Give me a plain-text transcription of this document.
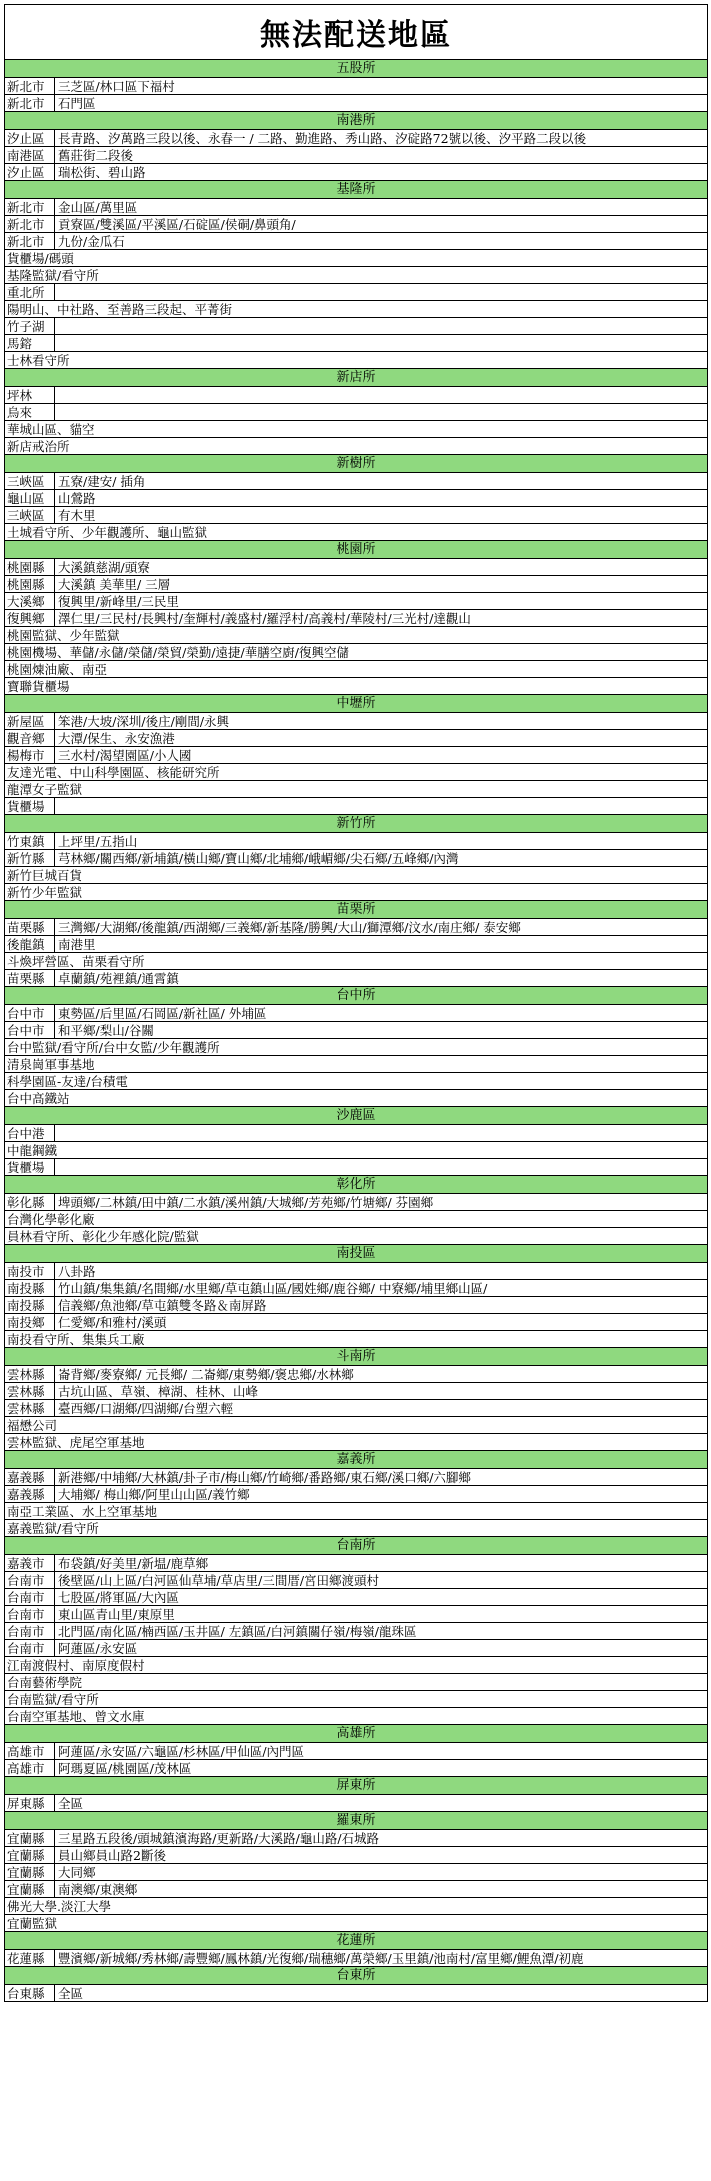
無法配送地區
五股所
新北市	三芝區/林口區下福村
新北市	石門區
南港所
汐止區	長青路、汐萬路三段以後、永春一 / 二路、勤進路、秀山路、汐碇路72號以後、汐平路二段以後
南港區	舊莊街二段後
汐止區	瑞松街、碧山路
基隆所
新北市	金山區/萬里區
新北市	貢寮區/雙溪區/平溪區/石碇區/侯硐/鼻頭角/
新北市	九份/金瓜石
貨櫃場/碼頭
基隆監獄/看守所
重北所
陽明山、中社路、至善路三段起、平菁街
竹子湖
馬鎔
士林看守所
新店所
坪林
烏來
華城山區、貓空
新店戒治所
新樹所
三峽區	五寮/建安/ 插角
龜山區	山鶯路
三峽區	有木里
土城看守所、少年觀護所、龜山監獄
桃園所
桃園縣	大溪鎮慈湖/頭寮
桃園縣	大溪鎮 美華里/ 三層
大溪鄉	復興里/新峰里/三民里
復興鄉	澤仁里/三民村/長興村/奎輝村/義盛村/羅浮村/高義村/華陵村/三光村/達觀山
桃園監獄、少年監獄
桃園機場、華儲/永儲/榮儲/榮貿/榮勤/遠捷/華膳空廚/復興空儲
桃園煉油廠、南亞
寶聯貨櫃場
中壢所
新屋區	笨港/大坡/深圳/後庄/剛間/永興
觀音鄉	大潭/保生、永安漁港
楊梅市	三水村/渴望園區/小人國
友達光電、中山科學園區、核能研究所
龍潭女子監獄
貨櫃場
新竹所
竹東鎮	上坪里/五指山
新竹縣	芎林鄉/關西鄉/新埔鎮/橫山鄉/寶山鄉/北埔鄉/峨嵋鄉/尖石鄉/五峰鄉/內灣
新竹巨城百貨
新竹少年監獄
苗栗所
苗栗縣	三灣鄉/大湖鄉/後龍鎮/西湖鄉/三義鄉/新基隆/勝興/大山/獅潭鄉/汶水/南庄鄉/ 泰安鄉
後龍鎮	南港里
斗煥坪營區、苗栗看守所
苗栗縣	卓蘭鎮/苑裡鎮/通霄鎮
台中所
台中市	東勢區/后里區/石岡區/新社區/ 外埔區
台中市	和平鄉/梨山/谷關
台中監獄/看守所/台中女監/少年觀護所
清泉崗軍事基地
科學園區-友達/台積電
台中高鐵站
沙鹿區
台中港
中龍鋼鐵
貨櫃場
彰化所
彰化縣	埤頭鄉/二林鎮/田中鎮/二水鎮/溪州鎮/大城鄉/芳苑鄉/竹塘鄉/ 芬園鄉
台灣化學彰化廠
員林看守所、彰化少年感化院/監獄
南投區
南投市	八卦路
南投縣	竹山鎮/集集鎮/名間鄉/水里鄉/草屯鎮山區/國姓鄉/鹿谷鄉/ 中寮鄉/埔里鄉山區/
南投縣	信義鄉/魚池鄉/草屯鎮雙冬路＆南屏路
南投鄉	仁愛鄉/和雅村/溪頭
南投看守所、集集兵工廠
斗南所
雲林縣	崙背鄉/麥寮鄉/ 元長鄉/ 二崙鄉/東勢鄉/褒忠鄉/水林鄉
雲林縣	古坑山區、草嶺、樟湖、桂林、山峰
雲林縣	臺西鄉/口湖鄉/四湖鄉/台塑六輕
福懋公司
雲林監獄、虎尾空軍基地
嘉義所
嘉義縣	新港鄉/中埔鄉/大林鎮/卦子市/梅山鄉/竹崎鄉/番路鄉/東石鄉/溪口鄉/六腳鄉
嘉義縣	大埔鄉/ 梅山鄉/阿里山山區/義竹鄉
南亞工業區、水上空軍基地
嘉義監獄/看守所
台南所
嘉義市	布袋鎮/好美里/新塭/鹿草鄉
台南市	後壁區/山上區/白河區仙草埔/草店里/三間厝/宮田鄉渡頭村
台南市	七股區/將軍區/大內區
台南市	東山區青山里/東原里
台南市	北門區/南化區/楠西區/玉井區/ 左鎮區/白河鎮關仔嶺/梅嶺/龍珠區
台南市	阿蓮區/永安區
江南渡假村、南原度假村
台南藝術學院
台南監獄/看守所
台南空軍基地、曾文水庫
高雄所
高雄市	阿蓮區/永安區/六龜區/杉林區/甲仙區/內門區
高雄市	阿瑪夏區/桃園區/茂林區
屏東所
屏東縣	全區
羅東所
宜蘭縣	三星路五段後/頭城鎮濱海路/更新路/大溪路/龜山路/石城路
宜蘭縣	員山鄉員山路2斷後
宜蘭縣	大同鄉
宜蘭縣	南澳鄉/東澳鄉
佛光大學.淡江大學
宜蘭監獄
花蓮所
花蓮縣	豐濱鄉/新城鄉/秀林鄉/壽豐鄉/鳳林鎮/光復鄉/瑞穗鄉/萬榮鄉/玉里鎮/池南村/富里鄉/鯉魚潭/初鹿
台東所
台東縣	全區
